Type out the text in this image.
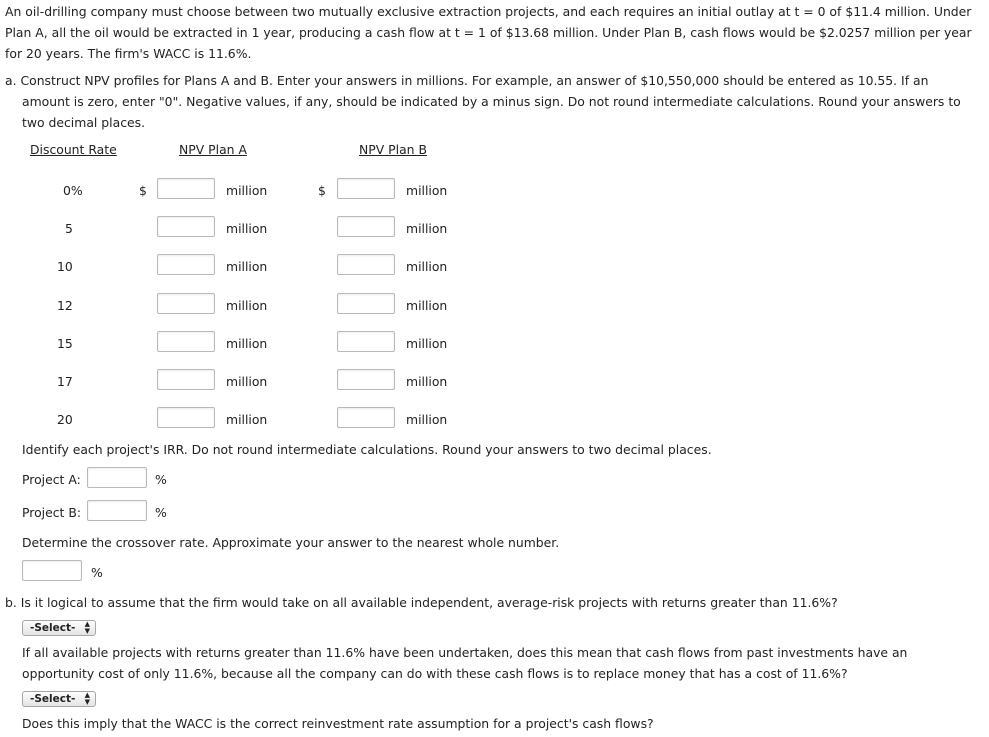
An oil-drilling company must choose between two mutually exclusive extraction projects, and each requires an initial outlay at t = 0 of $11.4 million. Under Plan A, all the oil would be extracted in 1 year, producing a cash flow at t = 1 of $13.68 million. Under Plan B, cash flows would be $2.0257 million per year for 20 years. The firm's WACC is 11.6%.
a. Construct NPV profiles for Plans A and B. Enter your answers in millions. For example, an answer of $10,550,000 should be entered as 10.55. If an amount is zero, enter "0". Negative values, if any, should be indicated by a minus sign. Do not round intermediate calculations. Round your answers to two decimal places.
Discount Rate	NPV Plan A	NPV Plan B
0%	$	million	$	million
5	million	million
10	million	million
12	million	million
15	million	million
17	million	million
20	million	million
Identify each project's IRR. Do not round intermediate calculations. Round your answers to two decimal places.
Project A:	%
Project B:	%
Determine the crossover rate. Approximate your answer to the nearest whole number.
%
b. Is it logical to assume that the firm would take on all available independent, average-risk projects with returns greater than 11.6%?
-Select- ▲
▼
If all available projects with returns greater than 11.6% have been undertaken, does this mean that cash flows from past investments have an opportunity cost of only 11.6%, because all the company can do with these cash flows is to replace money that has a cost of 11.6%?
-Select- ▲
▼
Does this imply that the WACC is the correct reinvestment rate assumption for a project's cash flows?
